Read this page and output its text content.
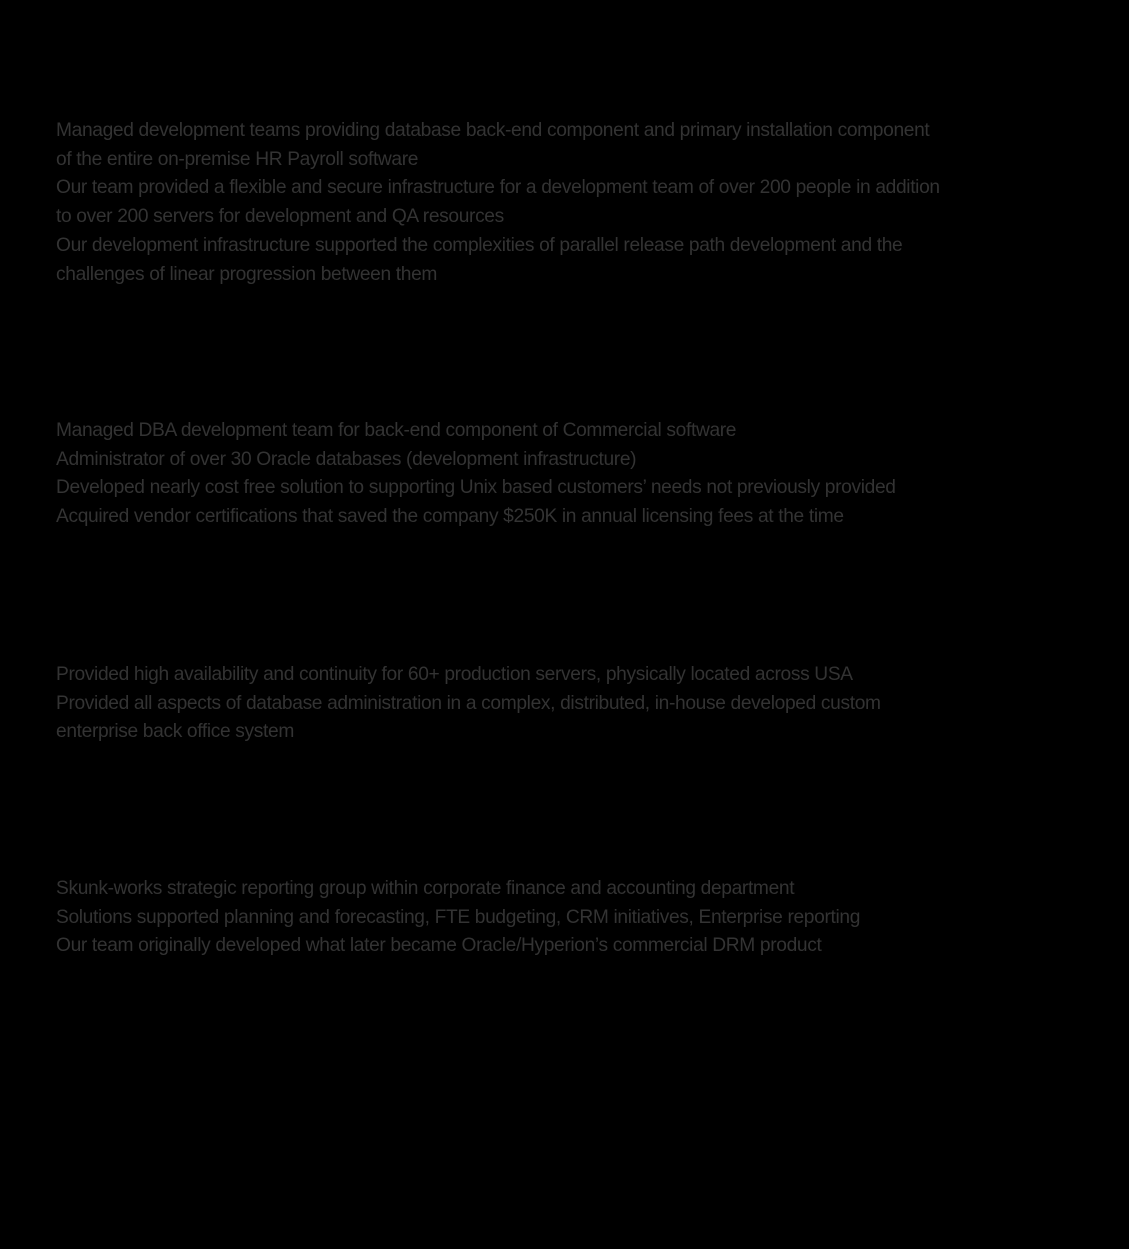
Managed development teams providing database back-end component and primary installation component
of the entire on-premise HR Payroll software
Our team provided a flexible and secure infrastructure for a development team of over 200 people in addition
to over 200 servers for development and QA resources
Our development infrastructure supported the complexities of parallel release path development and the
challenges of linear progression between them
Managed DBA development team for back-end component of Commercial software
Administrator of over 30 Oracle databases (development infrastructure)
Developed nearly cost free solution to supporting Unix based customers’ needs not previously provided
Acquired vendor certifications that saved the company $250K in annual licensing fees at the time
Provided high availability and continuity for 60+ production servers, physically located across USA
Provided all aspects of database administration in a complex, distributed, in-house developed custom
enterprise back office system
Skunk-works strategic reporting group within corporate finance and accounting department
Solutions supported planning and forecasting, FTE budgeting, CRM initiatives, Enterprise reporting
Our team originally developed what later became Oracle/Hyperion’s commercial DRM product
